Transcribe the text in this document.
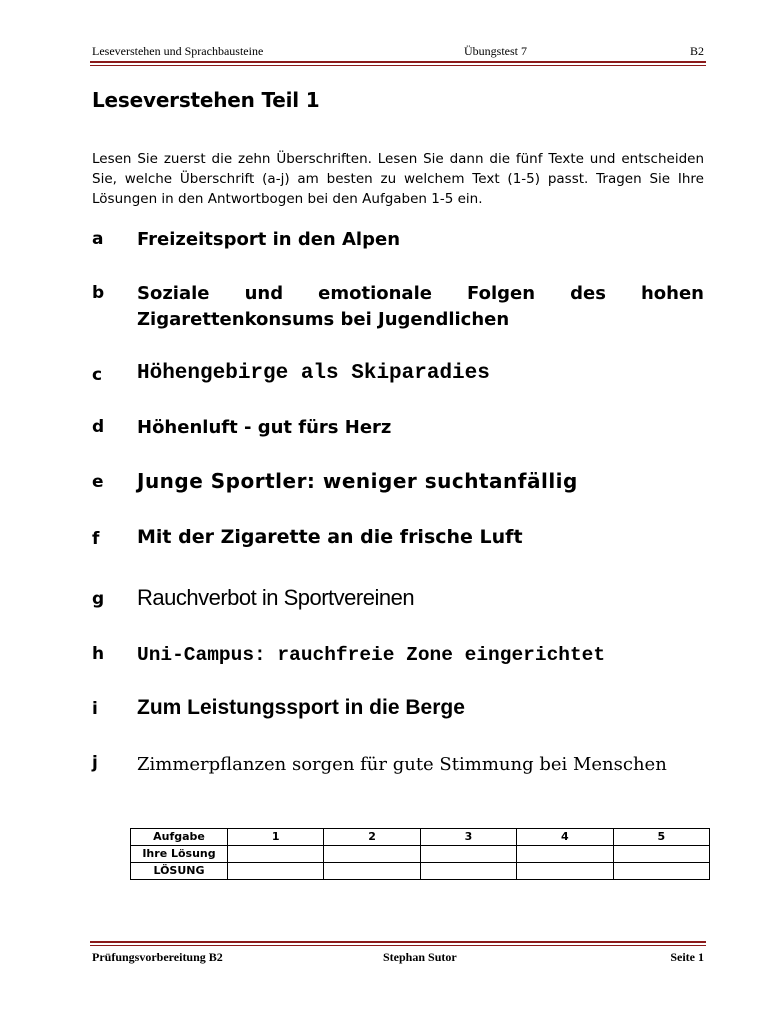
Leseverstehen und Sprachbausteine	Übungstest 7	B2
Leseverstehen Teil 1
Lesen Sie zuerst die zehn Überschriften. Lesen Sie dann die fünf Texte und entscheiden Sie, welche Überschrift (a-j) am besten zu welchem Text (1-5) passt. Tragen Sie Ihre Lösungen in den Antwortbogen bei den Aufgaben 1-5 ein.
a Freizeitsport in den Alpen
b Soziale und emotionale Folgen des hohen Zigarettenkonsums bei Jugendlichen
c Höhengebirge als Skiparadies
d Höhenluft - gut fürs Herz
e Junge Sportler: weniger suchtanfällig
f Mit der Zigarette an die frische Luft
g Rauchverbot in Sportvereinen
h Uni-Campus: rauchfreie Zone eingerichtet
i Zum Leistungssport in die Berge
j Zimmerpflanzen sorgen für gute Stimmung bei Menschen
Aufgabe	1	2	3	4	5
Ihre Lösung					
LÖSUNG					
Prüfungsvorbereitung B2	Stephan Sutor	Seite 1
